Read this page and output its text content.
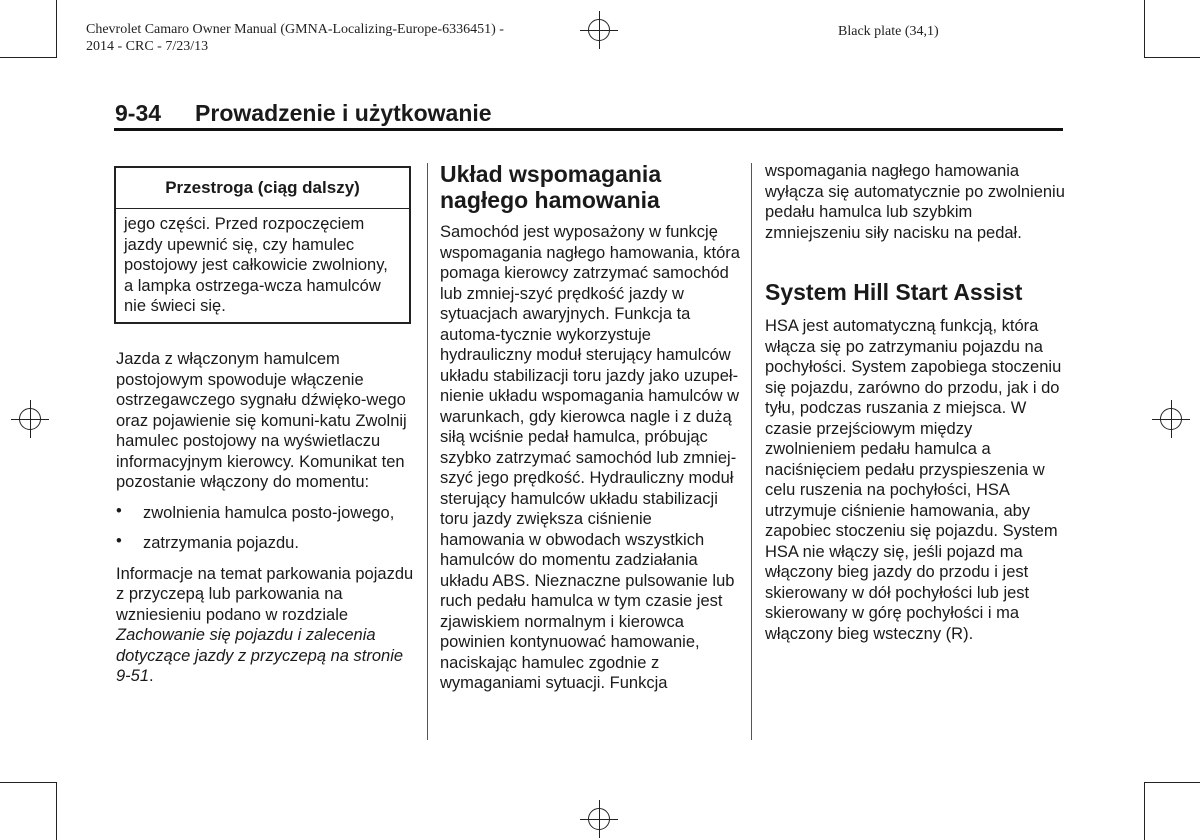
Chevrolet Camaro Owner Manual (GMNA-Localizing-Europe-6336451) -
2014 - CRC - 7/23/13
Black plate (34,1)
9-34 Prowadzenie i użytkowanie
Przestroga (ciąg dalszy)
jego części. Przed rozpoczęciem jazdy upewnić się, czy hamulec postojowy jest całkowicie zwolniony, a lampka ostrzega-wcza hamulców nie świeci się.

Jazda z włączonym hamulcem postojowym spowoduje włączenie ostrzegawczego sygnału dźwięko-wego oraz pojawienie się komuni-katu Zwolnij hamulec postojowy na wyświetlaczu informacyjnym kierowcy. Komunikat ten pozostanie włączony do momentu:

• zwolnienia hamulca posto-jowego,
• zatrzymania pojazdu.

Informacje na temat parkowania pojazdu z przyczepą lub parkowania na wzniesieniu podano w rozdziale Zachowanie się pojazdu i zalecenia dotyczące jazdy z przyczepą na stronie 9-51.

Układ wspomagania nagłego hamowania

Samochód jest wyposażony w funkcję wspomagania nagłego hamowania, która pomaga kierowcy zatrzymać samochód lub zmniej-szyć prędkość jazdy w sytuacjach awaryjnych. Funkcja ta automa-tycznie wykorzystuje hydrauliczny moduł sterujący hamulców układu stabilizacji toru jazdy jako uzupeł-nienie układu wspomagania hamulców w warunkach, gdy kierowca nagle i z dużą siłą wciśnie pedał hamulca, próbując szybko zatrzymać samochód lub zmniej-szyć jego prędkość. Hydrauliczny moduł sterujący hamulców układu stabilizacji toru jazdy zwiększa ciśnienie hamowania w obwodach wszystkich hamulców do momentu zadziałania układu ABS. Nieznaczne pulsowanie lub ruch pedału hamulca w tym czasie jest zjawiskiem normalnym i kierowca powinien kontynuować hamowanie, naciskając hamulec zgodnie z wymaganiami sytuacji. Funkcja

wspomagania nagłego hamowania wyłącza się automatycznie po zwolnieniu pedału hamulca lub szybkim zmniejszeniu siły nacisku na pedał.

System Hill Start Assist

HSA jest automatyczną funkcją, która włącza się po zatrzymaniu pojazdu na pochyłości. System zapobiega stoczeniu się pojazdu, zarówno do przodu, jak i do tyłu, podczas ruszania z miejsca. W czasie przejściowym między zwolnieniem pedału hamulca a naciśnięciem pedału przyspieszenia w celu ruszenia na pochyłości, HSA utrzymuje ciśnienie hamowania, aby zapobiec stoczeniu się pojazdu. System HSA nie włączy się, jeśli pojazd ma włączony bieg jazdy do przodu i jest skierowany w dół pochyłości lub jest skierowany w górę pochyłości i ma włączony bieg wsteczny (R).
